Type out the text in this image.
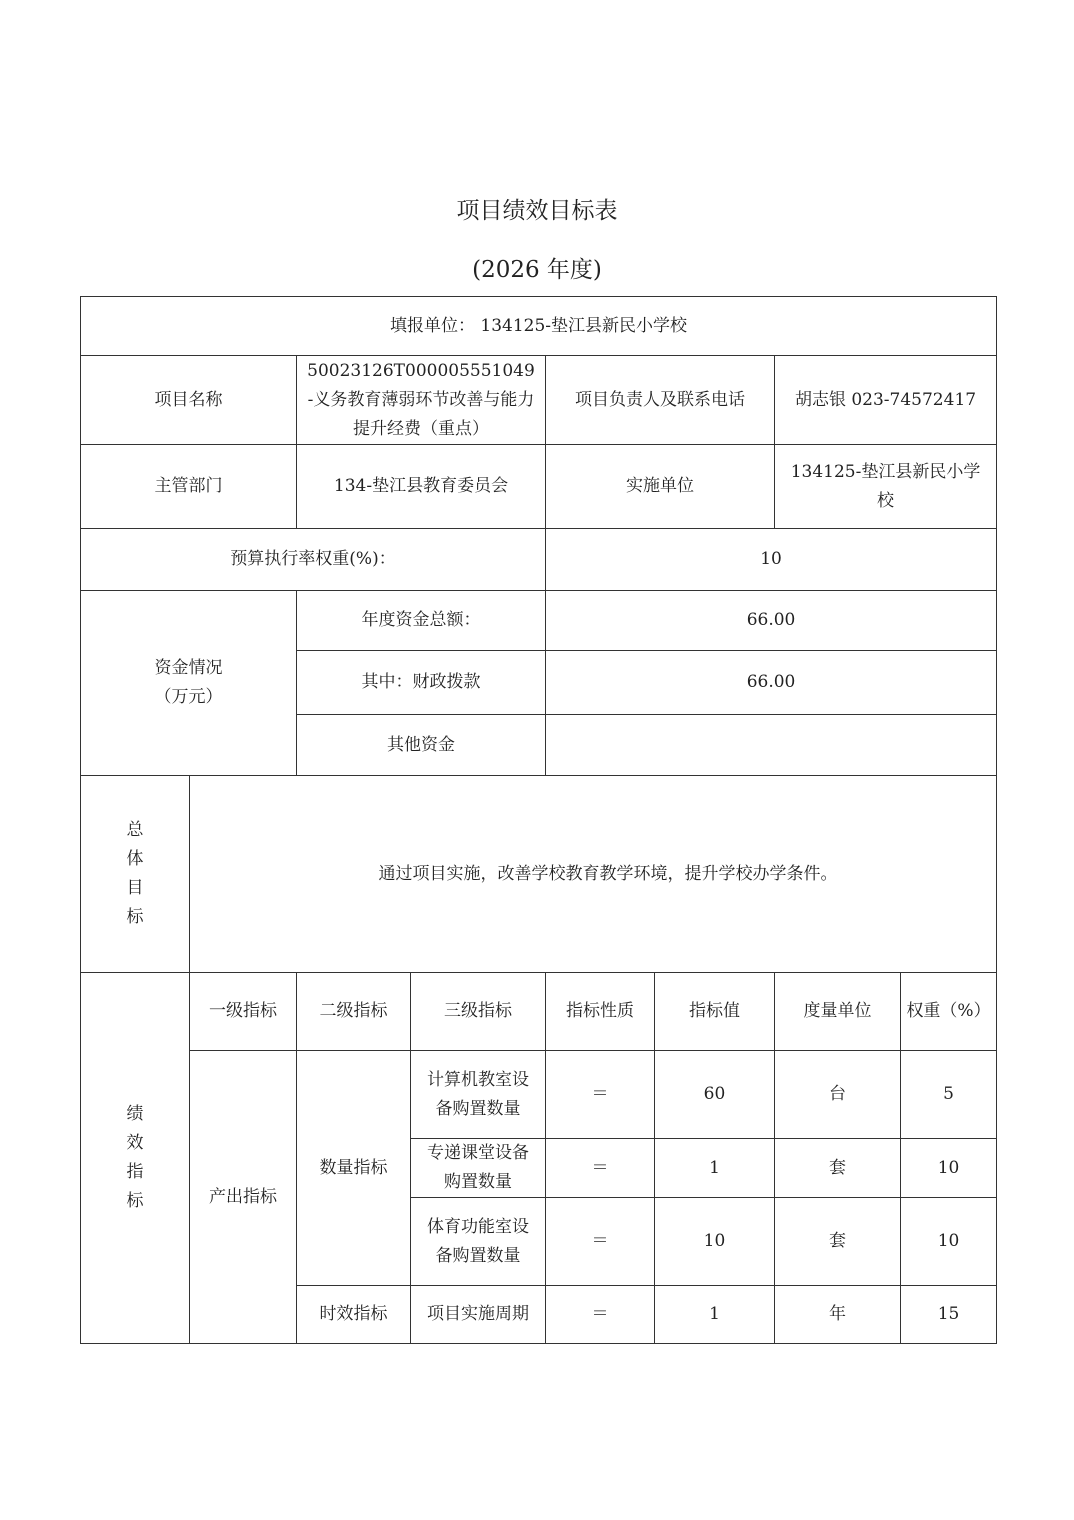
项目绩效目标表
(2026 年度)
填报单位： 134125-垫江县新民小学校							
项目名称		50023126T000005551049-义务教育薄弱环节改善与能力提升经费（重点）		项目负责人及联系电话		胡志银 023-74572417	
主管部门		134-垫江县教育委员会		实施单位		134125-垫江县新民小学校	
预算执行率权重(%)：				10			

资金情况
（万元）		年度资金总额：		66.00			
		其中：财政拨款		66.00			
		其他资金					

总
体
目
标	通过项目实施，改善学校教育教学环境，提升学校办学条件。						

绩
效
指
标	一级指标	二级指标	三级指标	指标性质	指标值	度量单位	权重（%）
	产出指标	数量指标	计算机教室设备购置数量	＝	60	台	5
			专递课堂设备购置数量	＝	1	套	10
			体育功能室设备购置数量	＝	10	套	10
		时效指标	项目实施周期	＝	1	年	15
